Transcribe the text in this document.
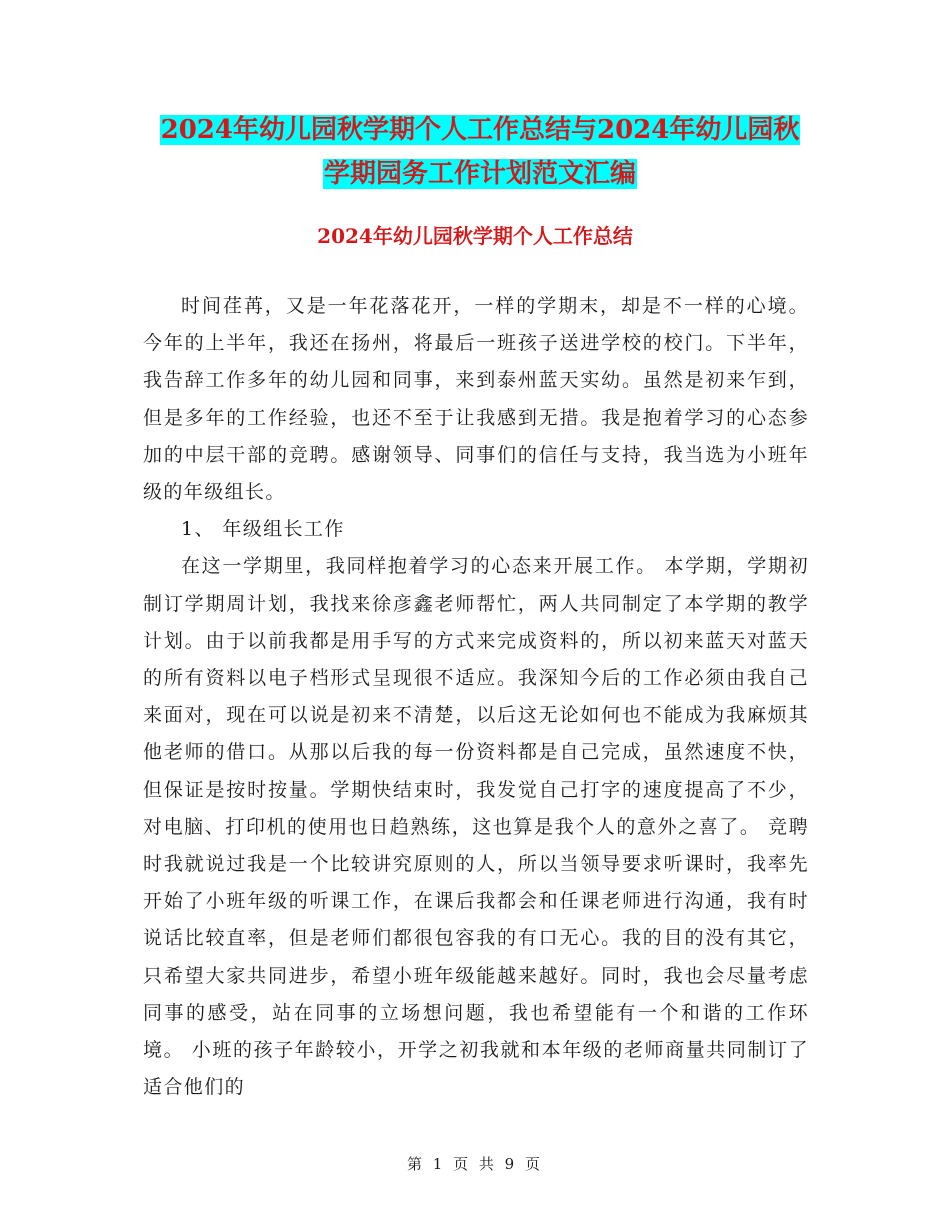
2024年幼儿园秋学期个人工作总结与2024年幼儿园秋
学期园务工作计划范文汇编
2024年幼儿园秋学期个人工作总结

时间荏苒，又是一年花落花开，一样的学期末，却是不一样的心境。今年的上半年，我还在扬州，将最后一班孩子送进学校的校门。下半年，我告辞工作多年的幼儿园和同事，来到泰州蓝天实幼。虽然是初来乍到，但是多年的工作经验，也还不至于让我感到无措。我是抱着学习的心态参加的中层干部的竞聘。感谢领导、同事们的信任与支持，我当选为小班年级的年级组长。

1、 年级组长工作

在这一学期里，我同样抱着学习的心态来开展工作。 本学期，学期初制订学期周计划，我找来徐彦鑫老师帮忙，两人共同制定了本学期的教学计划。由于以前我都是用手写的方式来完成资料的，所以初来蓝天对蓝天的所有资料以电子档形式呈现很不适应。我深知今后的工作必须由我自己来面对，现在可以说是初来不清楚，以后这无论如何也不能成为我麻烦其他老师的借口。从那以后我的每一份资料都是自己完成，虽然速度不快，但保证是按时按量。学期快结束时，我发觉自己打字的速度提高了不少，对电脑、打印机的使用也日趋熟练，这也算是我个人的意外之喜了。 竞聘时我就说过我是一个比较讲究原则的人，所以当领导要求听课时，我率先开始了小班年级的听课工作，在课后我都会和任课老师进行沟通，我有时说话比较直率，但是老师们都很包容我的有口无心。我的目的没有其它，只希望大家共同进步，希望小班年级能越来越好。同时，我也会尽量考虑同事的感受，站在同事的立场想问题，我也希望能有一个和谐的工作环境。 小班的孩子年龄较小，开学之初我就和本年级的老师商量共同制订了适合他们的

第 1 页 共 9 页
